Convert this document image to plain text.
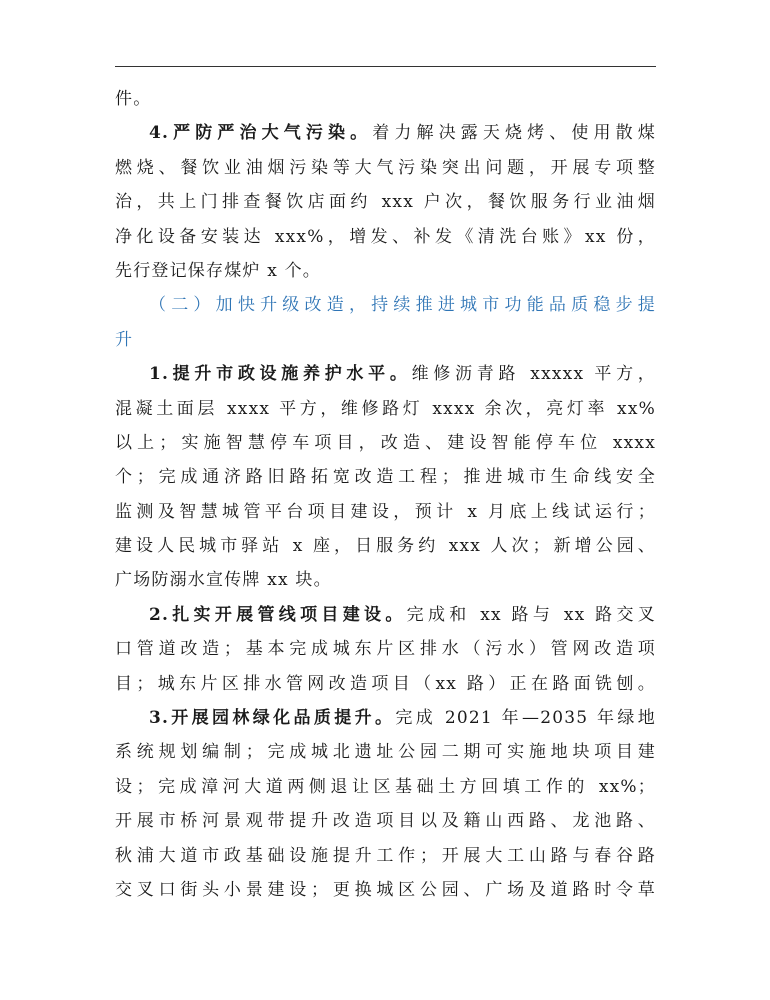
件。
4.严防严治大气污染。着力解决露天烧烤、使用散煤
燃烧、餐饮业油烟污染等大气污染突出问题，开展专项整
治，共上门排查餐饮店面约 xxx 户次，餐饮服务行业油烟
净化设备安装达 xxx%，增发、补发《清洗台账》xx 份，
先行登记保存煤炉 x 个。
（二）加快升级改造，持续推进城市功能品质稳步提
升
1.提升市政设施养护水平。维修沥青路 xxxxx 平方，
混凝土面层 xxxx 平方，维修路灯 xxxx 余次，亮灯率 xx%
以上；实施智慧停车项目，改造、建设智能停车位 xxxx
个；完成通济路旧路拓宽改造工程；推进城市生命线安全
监测及智慧城管平台项目建设，预计 x 月底上线试运行；
建设人民城市驿站 x 座，日服务约 xxx 人次；新增公园、
广场防溺水宣传牌 xx 块。
2.扎实开展管线项目建设。完成和 xx 路与 xx 路交叉
口管道改造；基本完成城东片区排水（污水）管网改造项
目；城东片区排水管网改造项目（xx 路）正在路面铣刨。
3.开展园林绿化品质提升。完成 2021 年—2035 年绿地
系统规划编制；完成城北遗址公园二期可实施地块项目建
设；完成漳河大道两侧退让区基础土方回填工作的 xx%；
开展市桥河景观带提升改造项目以及籍山西路、龙池路、
秋浦大道市政基础设施提升工作；开展大工山路与春谷路
交叉口街头小景建设；更换城区公园、广场及道路时令草
